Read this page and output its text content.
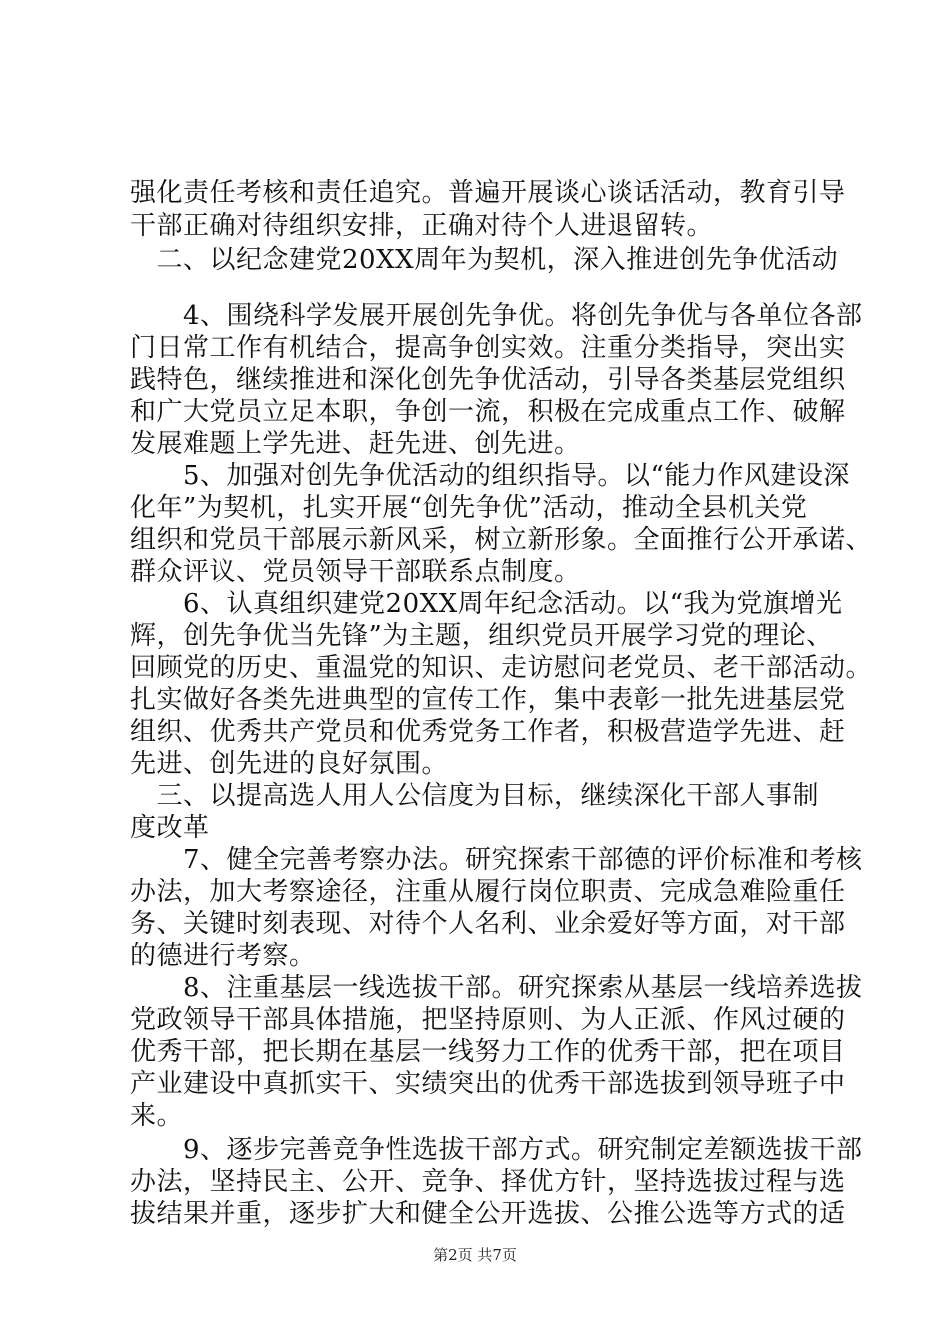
强化责任考核和责任追究。普遍开展谈心谈话活动，教育引导
干部正确对待组织安排，正确对待个人进退留转。
　二、以纪念建党20XX周年为契机，深入推进创先争优活动
　　4、围绕科学发展开展创先争优。将创先争优与各单位各部
门日常工作有机结合，提高争创实效。注重分类指导，突出实
践特色，继续推进和深化创先争优活动，引导各类基层党组织
和广大党员立足本职，争创一流，积极在完成重点工作、破解
发展难题上学先进、赶先进、创先进。
　　5、加强对创先争优活动的组织指导。以“能力作风建设深
化年”为契机，扎实开展“创先争优”活动，推动全县机关党
组织和党员干部展示新风采，树立新形象。全面推行公开承诺、
群众评议、党员领导干部联系点制度。
　　6、认真组织建党20XX周年纪念活动。以“我为党旗增光
辉，创先争优当先锋”为主题，组织党员开展学习党的理论、
回顾党的历史、重温党的知识、走访慰问老党员、老干部活动。
扎实做好各类先进典型的宣传工作，集中表彰一批先进基层党
组织、优秀共产党员和优秀党务工作者，积极营造学先进、赶
先进、创先进的良好氛围。
　三、以提高选人用人公信度为目标，继续深化干部人事制
度改革
　　7、健全完善考察办法。研究探索干部德的评价标准和考核
办法，加大考察途径，注重从履行岗位职责、完成急难险重任
务、关键时刻表现、对待个人名利、业余爱好等方面，对干部
的德进行考察。
　　8、注重基层一线选拔干部。研究探索从基层一线培养选拔
党政领导干部具体措施，把坚持原则、为人正派、作风过硬的
优秀干部，把长期在基层一线努力工作的优秀干部，把在项目
产业建设中真抓实干、实绩突出的优秀干部选拔到领导班子中
来。
　　9、逐步完善竞争性选拔干部方式。研究制定差额选拔干部
办法，坚持民主、公开、竞争、择优方针，坚持选拔过程与选
拔结果并重，逐步扩大和健全公开选拔、公推公选等方式的适
第2页 共7页
